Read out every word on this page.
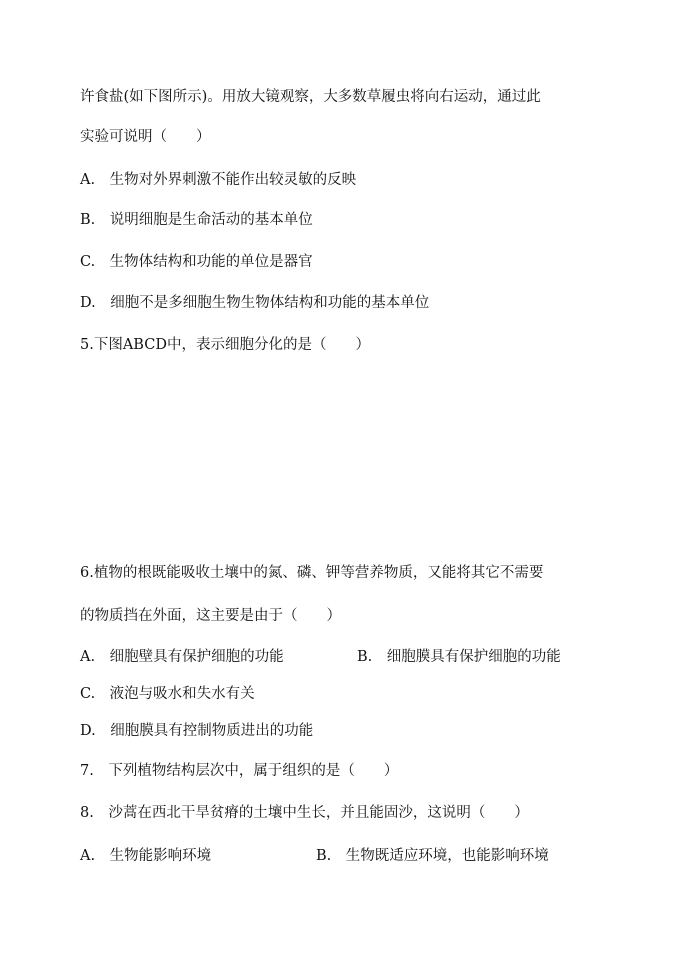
许食盐(如下图所示)。用放大镜观察，大多数草履虫将向右运动，通过此
实验可说明（　　）
A.　生物对外界刺激不能作出较灵敏的反映
B.　说明细胞是生命活动的基本单位
C.　生物体结构和功能的单位是器官
D.　细胞不是多细胞生物生物体结构和功能的基本单位
5.下图ABCD中，表示细胞分化的是（　　）
6.植物的根既能吸收土壤中的氮、磷、钾等营养物质，又能将其它不需要
的物质挡在外面，这主要是由于（　　）
A.　细胞壁具有保护细胞的功能	B.　细胞膜具有保护细胞的功能
C.　液泡与吸水和失水有关
D.　细胞膜具有控制物质进出的功能
7.　下列植物结构层次中，属于组织的是（　　）
8.　沙蒿在西北干旱贫瘠的土壤中生长，并且能固沙，这说明（　　）
A.　生物能影响环境	B.　生物既适应环境，也能影响环境
